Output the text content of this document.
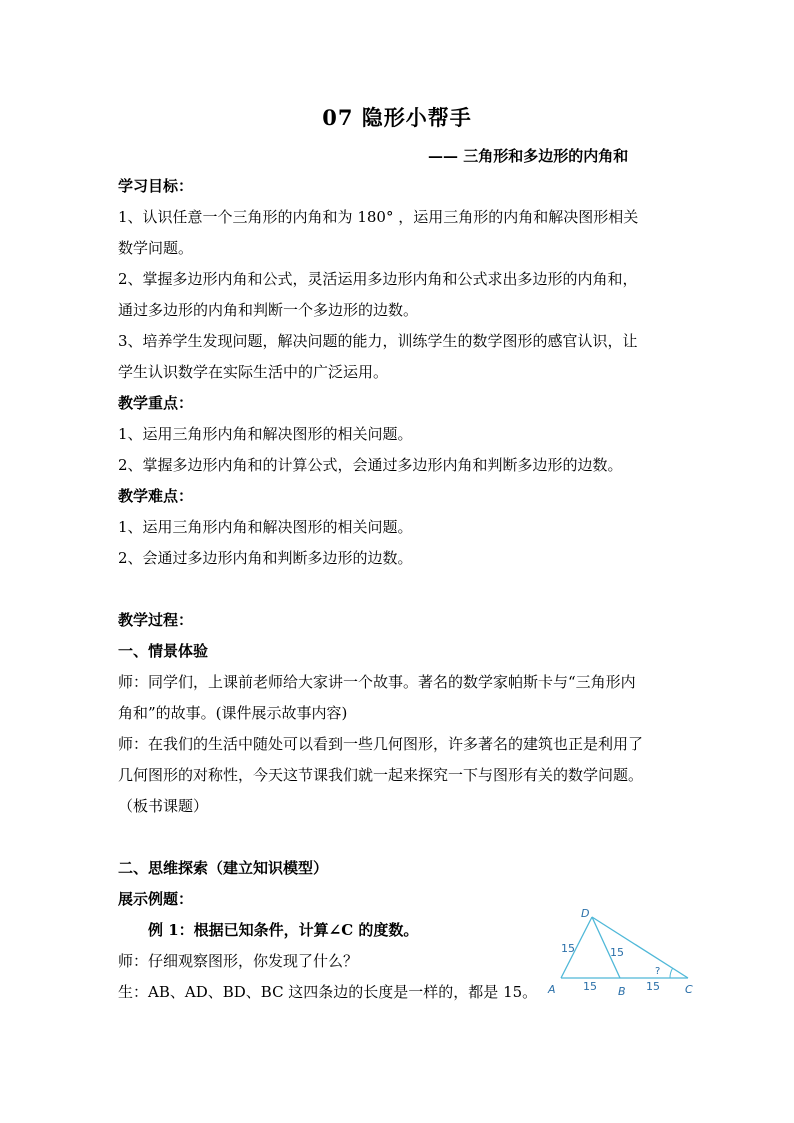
07 隐形小帮手
—— 三角形和多边形的内角和
学习目标：
1、认识任意一个三角形的内角和为 180° ，运用三角形的内角和解决图形相关
数学问题。
2、掌握多边形内角和公式，灵活运用多边形内角和公式求出多边形的内角和，
通过多边形的内角和判断一个多边形的边数。
3、培养学生发现问题，解决问题的能力，训练学生的数学图形的感官认识，让
学生认识数学在实际生活中的广泛运用。
教学重点：
1、运用三角形内角和解决图形的相关问题。
2、掌握多边形内角和的计算公式，会通过多边形内角和判断多边形的边数。
教学难点：
1、运用三角形内角和解决图形的相关问题。
2、会通过多边形内角和判断多边形的边数。
教学过程：
一、情景体验
师：同学们，上课前老师给大家讲一个故事。著名的数学家帕斯卡与“三角形内
角和”的故事。(课件展示故事内容)
师：在我们的生活中随处可以看到一些几何图形，许多著名的建筑也正是利用了
几何图形的对称性，今天这节课我们就一起来探究一下与图形有关的数学问题。
（板书课题）
二、思维探索（建立知识模型）
展示例题：
例 1：根据已知条件，计算∠C 的度数。
师：仔细观察图形，你发现了什么？
生：AB、AD、BD、BC 这四条边的长度是一样的，都是 15。
D
A	B	C
15	15
15	15
?
